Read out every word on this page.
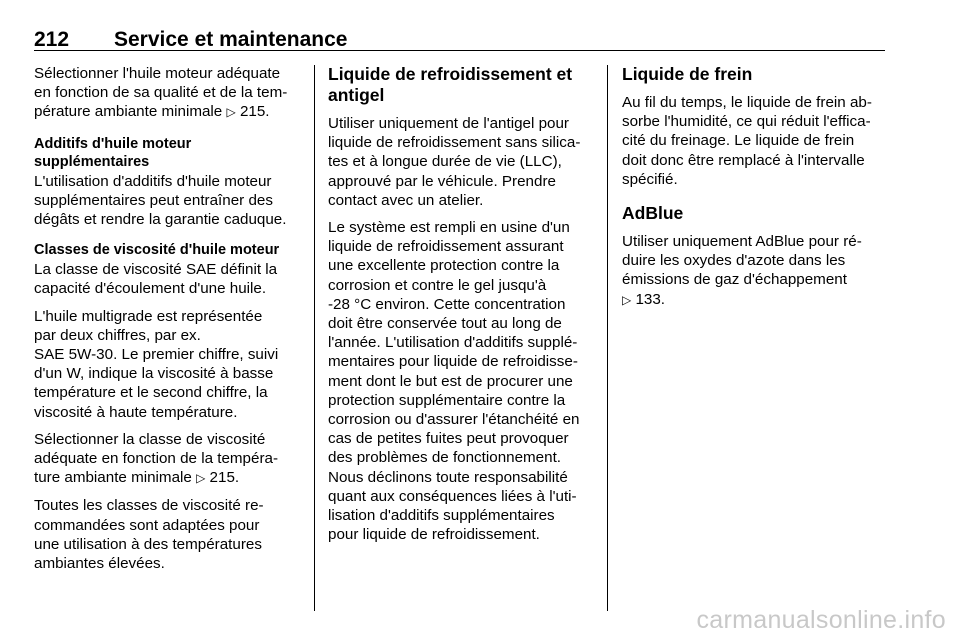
212 Service et maintenance

Sélectionner l'huile moteur adéquate
en fonction de sa qualité et de la tem-
pérature ambiante minimale ▷ 215.

Additifs d'huile moteur
supplémentaires

L'utilisation d'additifs d'huile moteur
supplémentaires peut entraîner des
dégâts et rendre la garantie caduque.

Classes de viscosité d'huile moteur

La classe de viscosité SAE définit la
capacité d'écoulement d'une huile.

L'huile multigrade est représentée
par deux chiffres, par ex.
SAE 5W-30. Le premier chiffre, suivi
d'un W, indique la viscosité à basse
température et le second chiffre, la
viscosité à haute température.

Sélectionner la classe de viscosité
adéquate en fonction de la tempéra-
ture ambiante minimale ▷ 215.

Toutes les classes de viscosité re-
commandées sont adaptées pour
une utilisation à des températures
ambiantes élevées.

Liquide de refroidissement et
antigel

Utiliser uniquement de l'antigel pour
liquide de refroidissement sans silica-
tes et à longue durée de vie (LLC),
approuvé par le véhicule. Prendre
contact avec un atelier.

Le système est rempli en usine d'un
liquide de refroidissement assurant
une excellente protection contre la
corrosion et contre le gel jusqu'à
-28 °C environ. Cette concentration
doit être conservée tout au long de
l'année. L'utilisation d'additifs supplé-
mentaires pour liquide de refroidisse-
ment dont le but est de procurer une
protection supplémentaire contre la
corrosion ou d'assurer l'étanchéité en
cas de petites fuites peut provoquer
des problèmes de fonctionnement.
Nous déclinons toute responsabilité
quant aux conséquences liées à l'uti-
lisation d'additifs supplémentaires
pour liquide de refroidissement.

Liquide de frein

Au fil du temps, le liquide de frein ab-
sorbe l'humidité, ce qui réduit l'effica-
cité du freinage. Le liquide de frein
doit donc être remplacé à l'intervalle
spécifié.

AdBlue

Utiliser uniquement AdBlue pour ré-
duire les oxydes d'azote dans les
émissions de gaz d'échappement
▷ 133.

carmanualsonline.info
